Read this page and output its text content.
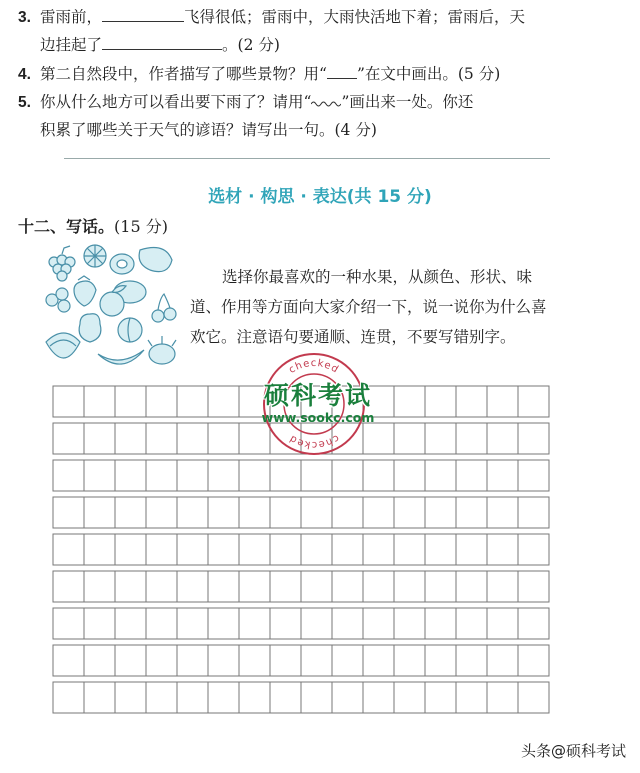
3. 雷雨前，	飞得很低；雷雨中，大雨快活地下着；雷雨后，天
边挂起了	。(2 分)
4. 第二自然段中，作者描写了哪些景物？用“ ”在文中画出。(5 分)
5. 你从什么地方可以看出要下雨了？请用“ ”画出来一处。你还
积累了哪些关于天气的谚语？请写出一句。(4 分)
选材 · 构思 · 表达(共 15 分)
十二、写话。(15 分)
选择你最喜欢的一种水果，从颜色、形状、味道、作用等方面向大家介绍一下，说一说你为什么喜欢它。注意语句要通顺、连贯，不要写错别字。
checked
checked
硕科考试
www.sookc.com
头条@硕科考试
